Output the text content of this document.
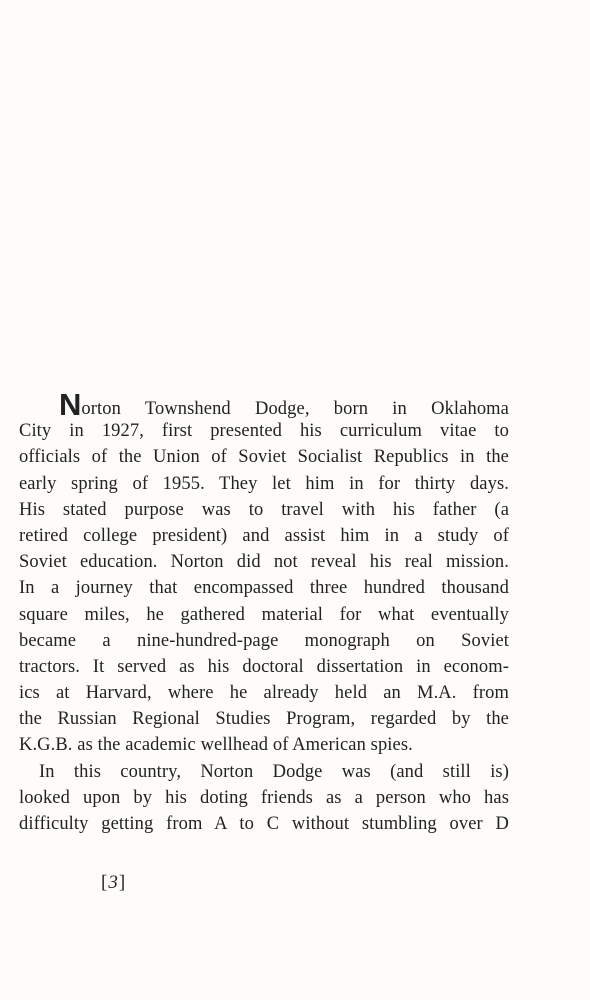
Norton Townshend Dodge, born in Oklahoma
City in 1927, first presented his curriculum vitae to
officials of the Union of Soviet Socialist Republics in the
early spring of 1955. They let him in for thirty days.
His stated purpose was to travel with his father (a
retired college president) and assist him in a study of
Soviet education. Norton did not reveal his real mission.
In a journey that encompassed three hundred thousand
square miles, he gathered material for what eventually
became a nine-hundred-page monograph on Soviet
tractors. It served as his doctoral dissertation in econom-
ics at Harvard, where he already held an M.A. from
the Russian Regional Studies Program, regarded by the
K.G.B. as the academic wellhead of American spies.
In this country, Norton Dodge was (and still is)
looked upon by his doting friends as a person who has
difficulty getting from A to C without stumbling over D
[3]
